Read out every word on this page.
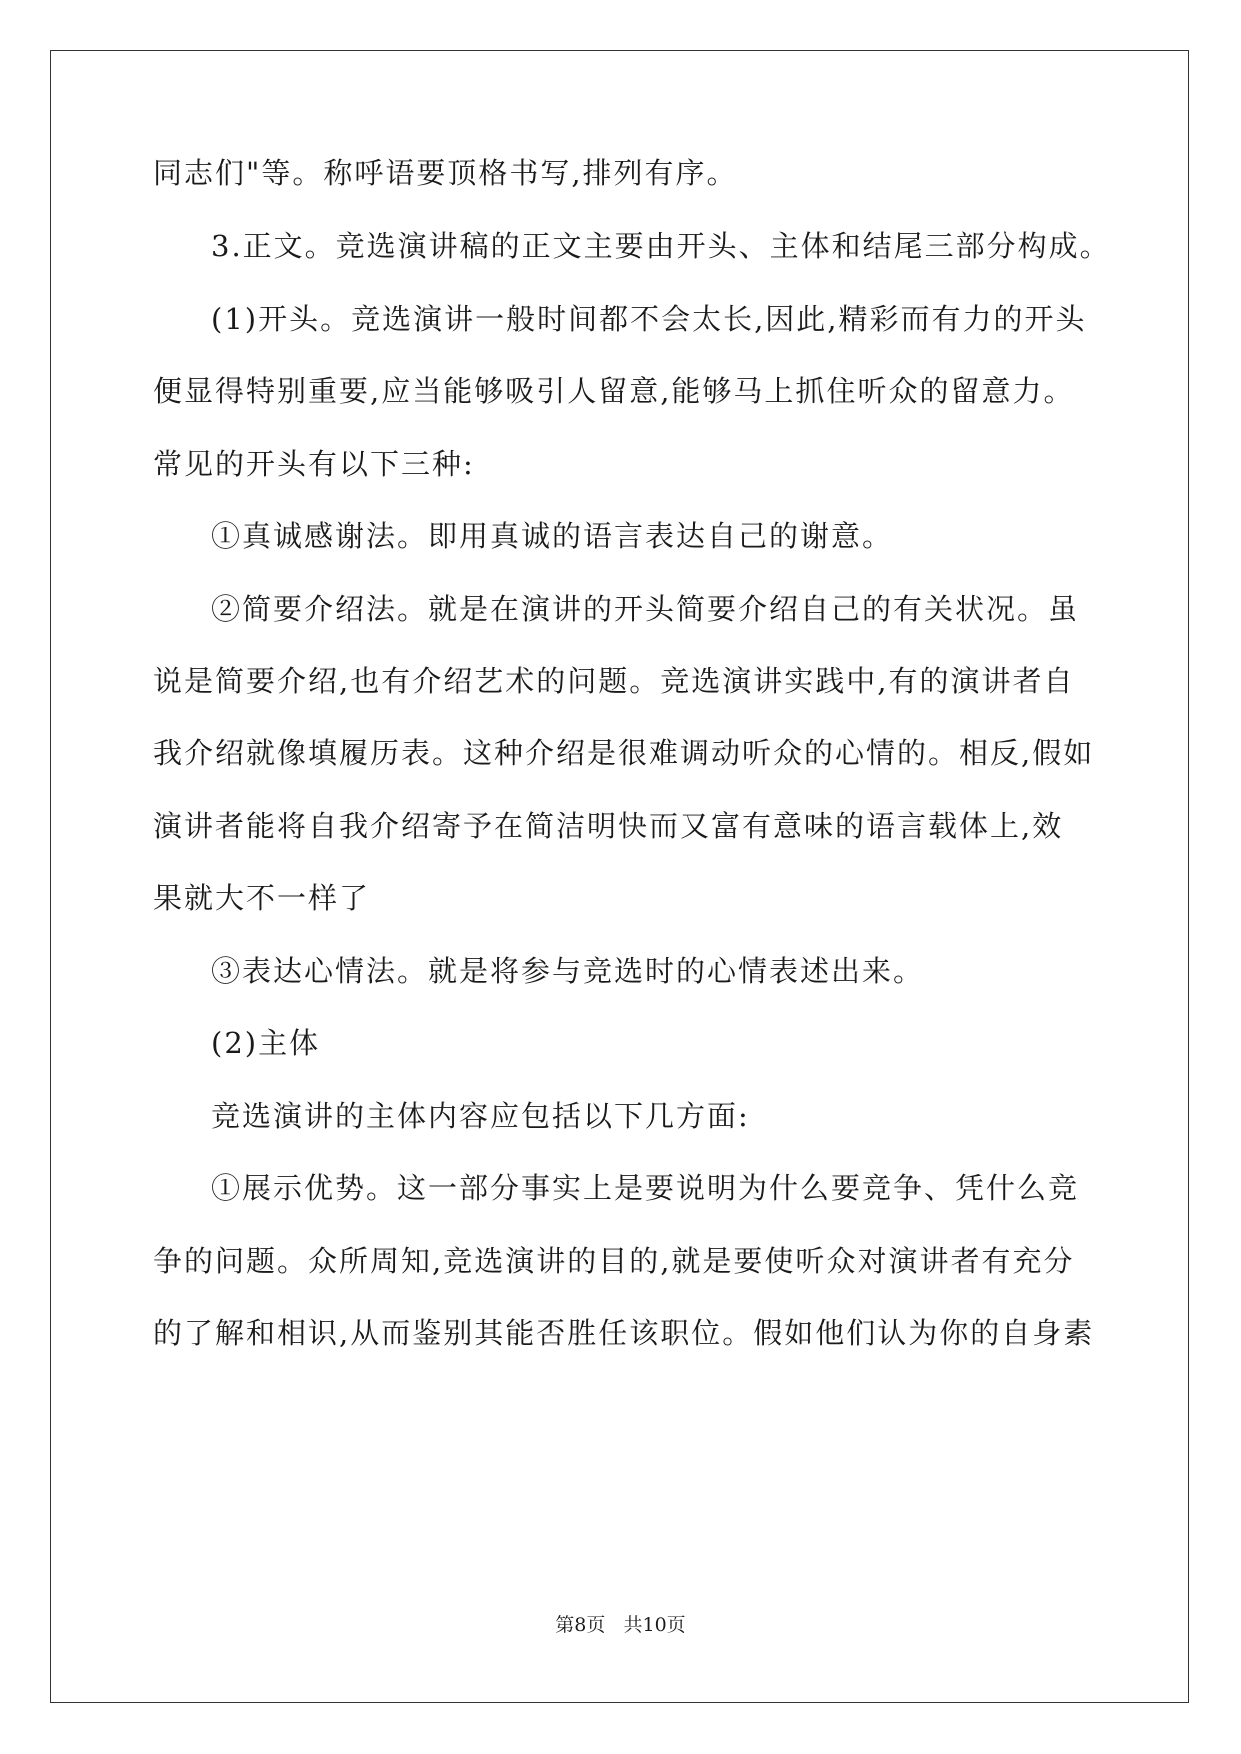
同志们"等。称呼语要顶格书写,排列有序。
3.正文。竞选演讲稿的正文主要由开头、主体和结尾三部分构成。
(1)开头。竞选演讲一般时间都不会太长,因此,精彩而有力的开头
便显得特别重要,应当能够吸引人留意,能够马上抓住听众的留意力。
常见的开头有以下三种:
①真诚感谢法。即用真诚的语言表达自己的谢意。
②简要介绍法。就是在演讲的开头简要介绍自己的有关状况。虽
说是简要介绍,也有介绍艺术的问题。竞选演讲实践中,有的演讲者自
我介绍就像填履历表。这种介绍是很难调动听众的心情的。相反,假如
演讲者能将自我介绍寄予在简洁明快而又富有意味的语言载体上,效
果就大不一样了
③表达心情法。就是将参与竞选时的心情表述出来。
(2)主体
竞选演讲的主体内容应包括以下几方面:
①展示优势。这一部分事实上是要说明为什么要竞争、凭什么竞
争的问题。众所周知,竞选演讲的目的,就是要使听众对演讲者有充分
的了解和相识,从而鉴别其能否胜任该职位。假如他们认为你的自身素
第8页   共10页
